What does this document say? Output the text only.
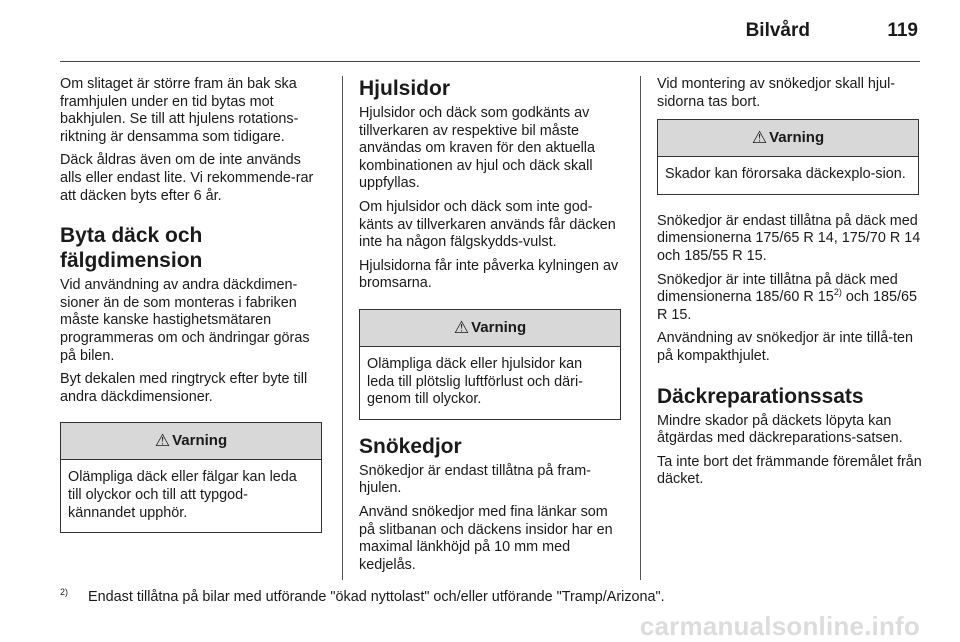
Bilvård	119

Om slitaget är större fram än bak ska framhjulen under en tid bytas mot bakhjulen. Se till att hjulens rotations-riktning är densamma som tidigare.

Däck åldras även om de inte används alls eller endast lite. Vi rekommende-rar att däcken byts efter 6 år.

Byta däck och fälgdimension

Vid användning av andra däckdimen-sioner än de som monteras i fabriken måste kanske hastighetsmätaren programmeras om och ändringar göras på bilen.

Byt dekalen med ringtryck efter byte till andra däckdimensioner.

⚠ Varning
Olämpliga däck eller fälgar kan leda till olyckor och till att typgod-kännandet upphör.
Hjulsidor

Hjulsidor och däck som godkänts av tillverkaren av respektive bil måste användas om kraven för den aktuella kombinationen av hjul och däck skall uppfyllas.

Om hjulsidor och däck som inte god-känts av tillverkaren används får däcken inte ha någon fälgskydds-vulst.

Hjulsidorna får inte påverka kylningen av bromsarna.

⚠ Varning
Olämpliga däck eller hjulsidor kan leda till plötslig luftförlust och däri-genom till olyckor.
Snökedjor

Snökedjor är endast tillåtna på fram-hjulen.

Använd snökedjor med fina länkar som på slitbanan och däckens insidor har en maximal länkhöjd på 10 mm med kedjelås.

Vid montering av snökedjor skall hjul-sidorna tas bort.

⚠ Varning
Skador kan förorsaka däckexplo-sion.

Snökedjor är endast tillåtna på däck med dimensionerna 175/65 R 14, 175/70 R 14 och 185/55 R 15.

Snökedjor är inte tillåtna på däck med dimensionerna 185/60 R 15$^{2)}$ och 185/65 R 15.

Användning av snökedjor är inte tillå-ten på kompakthjulet.

Däckreparationssats

Mindre skador på däckets löpyta kan åtgärdas med däckreparations-satsen.

Ta inte bort det främmande föremålet från däcket.

$^{2)}$ Endast tillåtna på bilar med utförande "ökad nyttolast" och/eller utförande "Tramp/Arizona".
carmanualsonline.info
